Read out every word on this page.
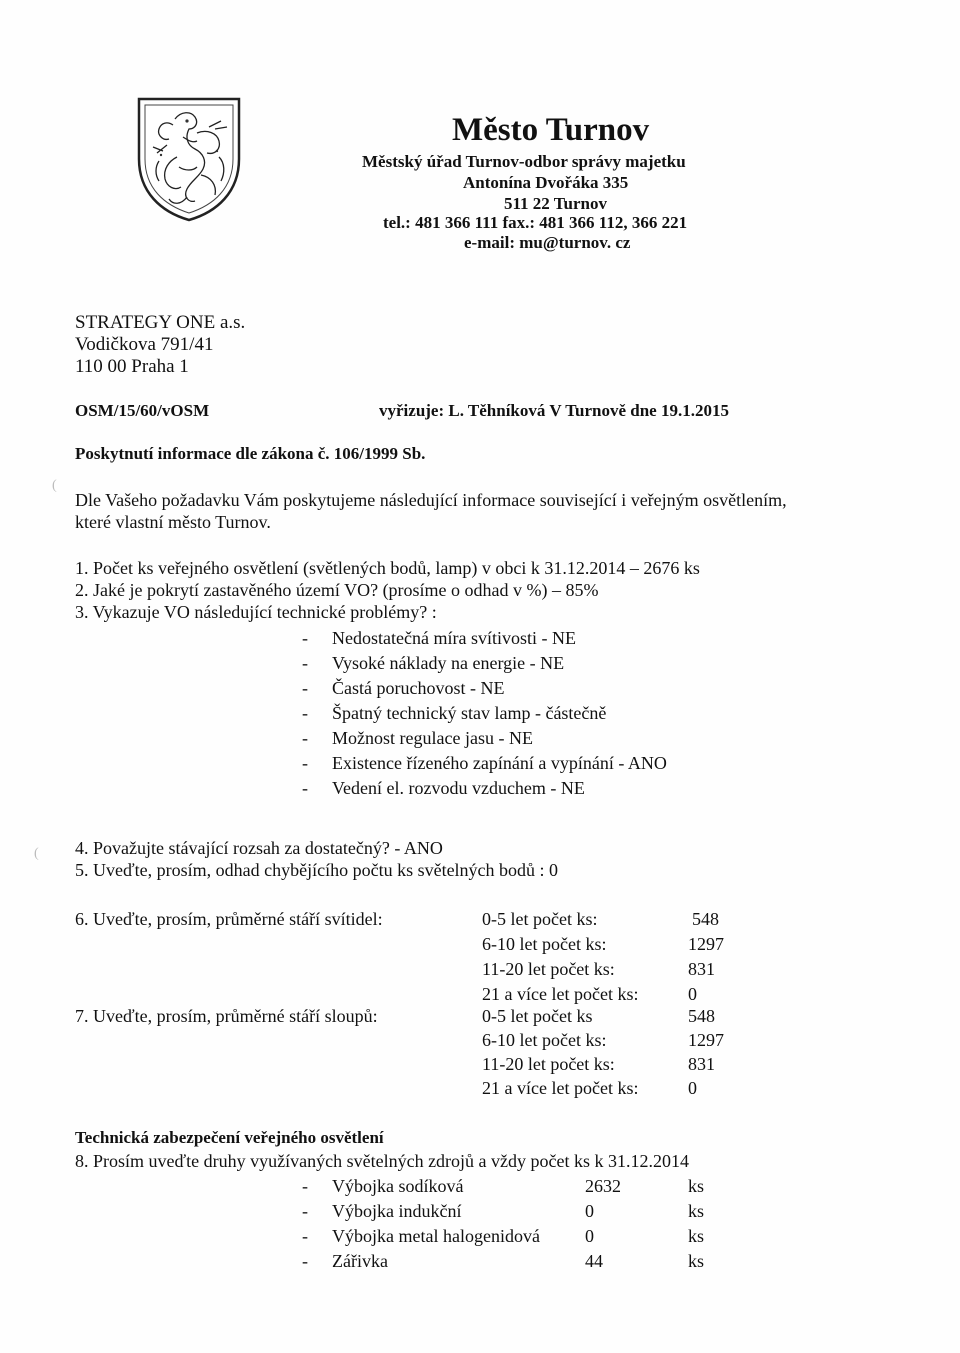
Město Turnov
Městský úřad Turnov-odbor správy majetku
Antonína Dvořáka 335
511 22 Turnov
tel.: 481 366 111 fax.: 481 366 112, 366 221
e-mail: mu@turnov. cz
STRATEGY ONE a.s.
Vodičkova 791/41
110 00 Praha 1
OSM/15/60/vOSM	vyřizuje: L. Těhníková V Turnově dne 19.1.2015
Poskytnutí informace dle zákona č. 106/1999 Sb.
(
Dle Vašeho požadavku Vám poskytujeme následující informace související i veřejným osvětlením,
které vlastní město Turnov.
1. Počet ks veřejného osvětlení (světlených bodů, lamp) v obci k 31.12.2014 – 2676 ks
2. Jaké je pokrytí zastavěného území VO? (prosíme o odhad v %) – 85%
3. Vykazuje VO následující technické problémy? :
- Nedostatečná míra svítivosti - NE
- Vysoké náklady na energie - NE
- Častá poruchovost - NE
- Špatný technický stav lamp - částečně
- Možnost regulace jasu - NE
- Existence řízeného zapínání a vypínání - ANO
- Vedení el. rozvodu vzduchem - NE
( 4. Považujte stávající rozsah za dostatečný? - ANO
5. Uveďte, prosím, odhad chybějícího počtu ks světelných bodů : 0
6. Uveďte, prosím, průměrné stáří svítidel:	0-5 let počet ks:	548
6-10 let počet ks:	1297
11-20 let počet ks:	831
21 a více let počet ks:	0
7. Uveďte, prosím, průměrné stáří sloupů:	0-5 let počet ks	548
6-10 let počet ks:	1297
11-20 let počet ks:	831
21 a více let počet ks:	0
Technická zabezpečení veřejného osvětlení
8. Prosím uveďte druhy využívaných světelných zdrojů a vždy počet ks k 31.12.2014
- Výbojka sodíková	2632	ks
- Výbojka indukční	0	ks
- Výbojka metal halogenidová	0	ks
- Zářivka	44	ks
